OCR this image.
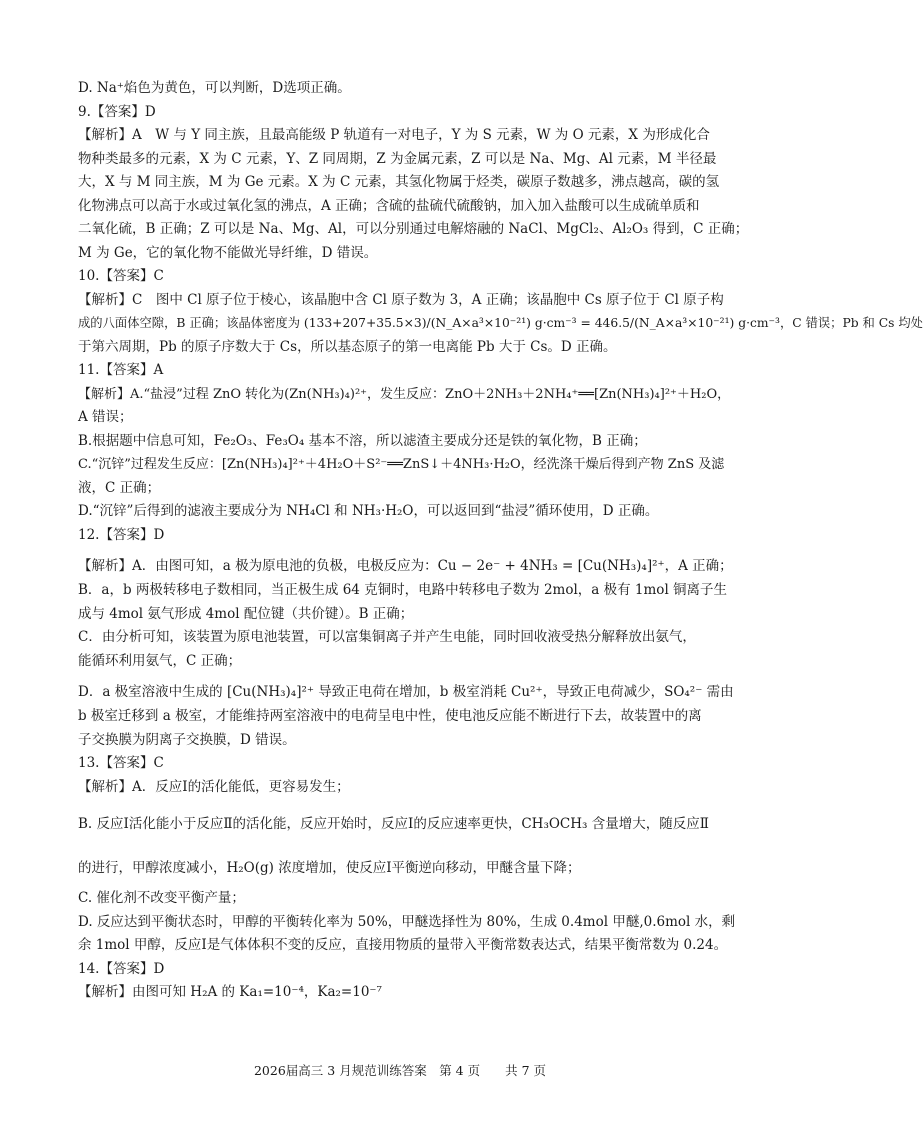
D. Na⁺焰色为黄色，可以判断，D选项正确。

9.【答案】D

【解析】A　W 与 Y 同主族，且最高能级 P 轨道有一对电子，Y 为 S 元素，W 为 O 元素，X 为形成化合

物种类最多的元素，X 为 C 元素，Y、Z 同周期，Z 为金属元素，Z 可以是 Na、Mg、Al 元素，M 半径最

大，X 与 M 同主族，M 为 Ge 元素。X 为 C 元素，其氢化物属于烃类，碳原子数越多，沸点越高，碳的氢

化物沸点可以高于水或过氧化氢的沸点，A 正确；含硫的盐硫代硫酸钠，加入加入盐酸可以生成硫单质和

二氧化硫，B 正确；Z 可以是 Na、Mg、Al，可以分别通过电解熔融的 NaCl、MgCl₂、Al₂O₃ 得到，C 正确；

M 为 Ge，它的氧化物不能做光导纤维，D 错误。

10.【答案】C

【解析】C　图中 Cl 原子位于棱心，该晶胞中含 Cl 原子数为 3，A 正确；该晶胞中 Cs 原子位于 Cl 原子构

成的八面体空隙，B 正确；该晶体密度为 (133+207+35.5×3)/(N_A×a³×10⁻²¹) g·cm⁻³ = 446.5/(N_A×a³×10⁻²¹) g·cm⁻³，C 错误；Pb 和 Cs 均处

于第六周期，Pb 的原子序数大于 Cs，所以基态原子的第一电离能 Pb 大于 Cs。D 正确。

11.【答案】A

【解析】A.“盐浸”过程 ZnO 转化为(Zn(NH₃)₄)²⁺，发生反应：ZnO＋2NH₃＋2NH₄⁺══[Zn(NH₃)₄]²⁺＋H₂O，

A 错误；

B.根据题中信息可知，Fe₂O₃、Fe₃O₄ 基本不溶，所以滤渣主要成分还是铁的氧化物，B 正确；

C.“沉锌”过程发生反应：[Zn(NH₃)₄]²⁺＋4H₂O＋S²⁻══ZnS↓＋4NH₃·H₂O，经洗涤干燥后得到产物 ZnS 及滤

液，C 正确；

D.“沉锌”后得到的滤液主要成分为 NH₄Cl 和 NH₃·H₂O，可以返回到“盐浸”循环使用，D 正确。

12.【答案】D

【解析】A．由图可知，a 极为原电池的负极，电极反应为：Cu − 2e⁻ + 4NH₃ = [Cu(NH₃)₄]²⁺，A 正确；

B．a，b 两极转移电子数相同，当正极生成 64 克铜时，电路中转移电子数为 2mol，a 极有 1mol 铜离子生

成与 4mol 氨气形成 4mol 配位键（共价键）。B 正确；

C．由分析可知，该装置为原电池装置，可以富集铜离子并产生电能，同时回收液受热分解释放出氨气，

能循环利用氨气，C 正确；

D．a 极室溶液中生成的 [Cu(NH₃)₄]²⁺ 导致正电荷在增加，b 极室消耗 Cu²⁺，导致正电荷减少，SO₄²⁻ 需由

b 极室迁移到 a 极室，才能维持两室溶液中的电荷呈电中性，使电池反应能不断进行下去，故装置中的离

子交换膜为阴离子交换膜，D 错误。

13.【答案】C

【解析】A．反应Ⅰ的活化能低，更容易发生；

B. 反应Ⅰ活化能小于反应Ⅱ的活化能，反应开始时，反应Ⅰ的反应速率更快，CH₃OCH₃ 含量增大，随反应Ⅱ

的进行，甲醇浓度减小，H₂O(g) 浓度增加，使反应Ⅰ平衡逆向移动，甲醚含量下降；

C. 催化剂不改变平衡产量；

D. 反应达到平衡状态时，甲醇的平衡转化率为 50%，甲醚选择性为 80%，生成 0.4mol 甲醚,0.6mol 水，剩

余 1mol 甲醇，反应Ⅰ是气体体积不变的反应，直接用物质的量带入平衡常数表达式，结果平衡常数为 0.24。

14.【答案】D

【解析】由图可知 H₂A 的 Ka₁=10⁻⁴，Ka₂=10⁻⁷

2026届高三 3 月规范训练答案　第 4 页　　共 7 页
